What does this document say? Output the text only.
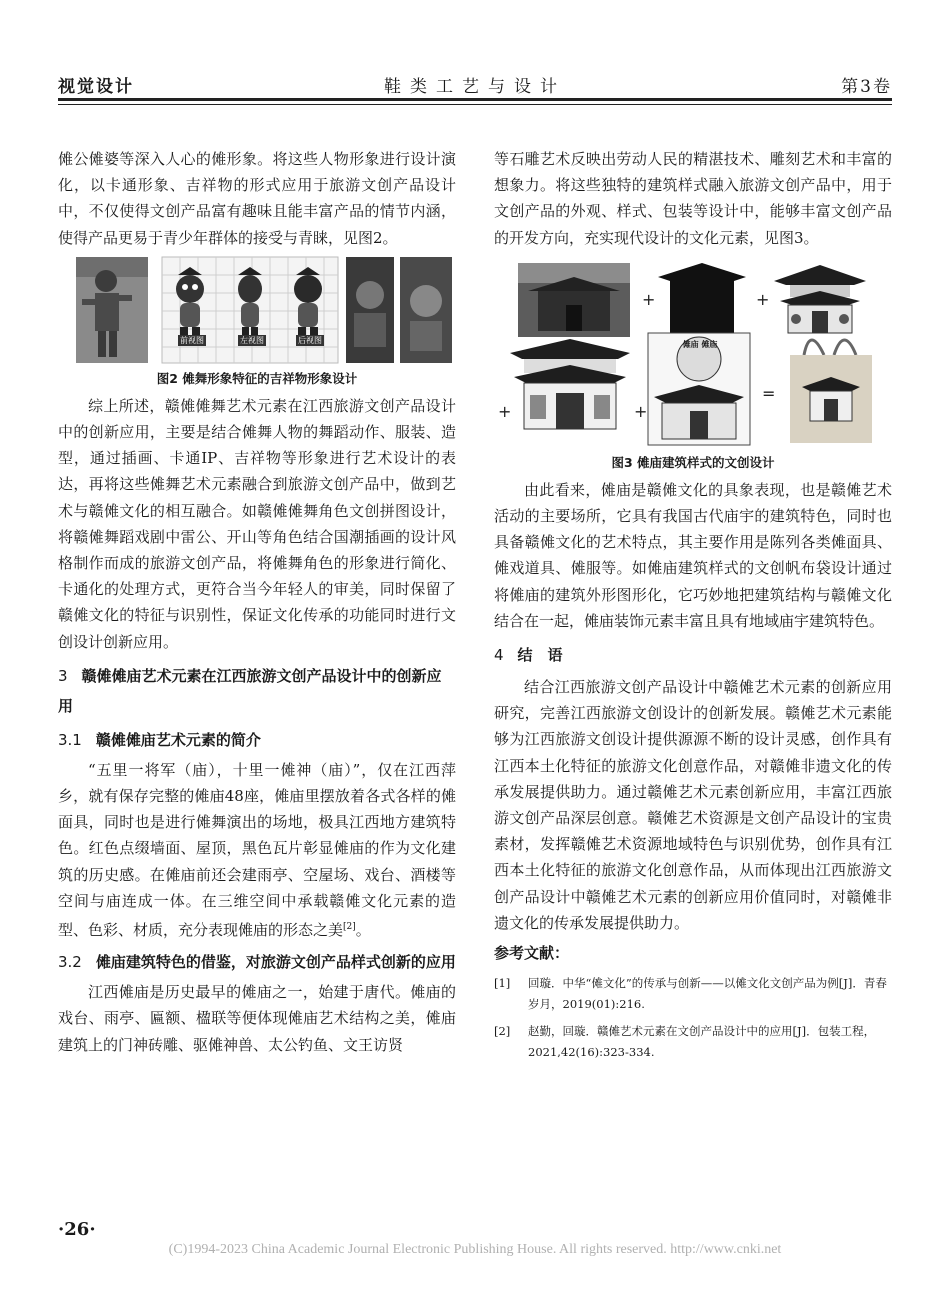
视觉设计	鞋类工艺与设计	第3卷

傩公傩婆等深入人心的傩形象。将这些人物形象进行设计演化，以卡通形象、吉祥物的形式应用于旅游文创产品设计中，不仅使得文创产品富有趣味且能丰富产品的情节内涵，使得产品更易于青少年群体的接受与青睐，见图2。

前视图	左视图	后视图
图2 傩舞形象特征的吉祥物形象设计

综上所述，赣傩傩舞艺术元素在江西旅游文创产品设计中的创新应用，主要是结合傩舞人物的舞蹈动作、服装、造型，通过插画、卡通IP、吉祥物等形象进行艺术设计的表达，再将这些傩舞艺术元素融合到旅游文创产品中，做到艺术与赣傩文化的相互融合。如赣傩傩舞角色文创拼图设计，将赣傩舞蹈戏剧中雷公、开山等角色结合国潮插画的设计风格制作而成的旅游文创产品，将傩舞角色的形象进行简化、卡通化的处理方式，更符合当今年轻人的审美，同时保留了赣傩文化的特征与识别性，保证文化传承的功能同时进行文创设计创新应用。

3 赣傩傩庙艺术元素在江西旅游文创产品设计中的创新应用
3.1 赣傩傩庙艺术元素的简介

“五里一将军（庙），十里一傩神（庙）”，仅在江西萍乡，就有保存完整的傩庙48座，傩庙里摆放着各式各样的傩面具，同时也是进行傩舞演出的场地，极具江西地方建筑特色。红色点缀墙面、屋顶，黑色瓦片彰显傩庙的作为文化建筑的历史感。在傩庙前还会建雨亭、空屋场、戏台、酒楼等空间与庙连成一体。在三维空间中承载赣傩文化元素的造型、色彩、材质，充分表现傩庙的形态之美[2]。

3.2 傩庙建筑特色的借鉴，对旅游文创产品样式创新的应用

江西傩庙是历史最早的傩庙之一，始建于唐代。傩庙的戏台、雨亭、匾额、楹联等便体现傩庙艺术结构之美，傩庙建筑上的门神砖雕、驱傩神兽、太公钓鱼、文王访贤

等石雕艺术反映出劳动人民的精湛技术、雕刻艺术和丰富的想象力。将这些独特的建筑样式融入旅游文创产品中，用于文创产品的外观、样式、包装等设计中，能够丰富文创产品的开发方向，充实现代设计的文化元素，见图3。

+	+
+	+
=
傩庙 傩庙
图3 傩庙建筑样式的文创设计

由此看来，傩庙是赣傩文化的具象表现，也是赣傩艺术活动的主要场所，它具有我国古代庙宇的建筑特色，同时也具备赣傩文化的艺术特点，其主要作用是陈列各类傩面具、傩戏道具、傩服等。如傩庙建筑样式的文创帆布袋设计通过将傩庙的建筑外形图形化，它巧妙地把建筑结构与赣傩文化结合在一起，傩庙装饰元素丰富且具有地域庙宇建筑特色。

4 结　语

结合江西旅游文创产品设计中赣傩艺术元素的创新应用研究，完善江西旅游文创设计的创新发展。赣傩艺术元素能够为江西旅游文创设计提供源源不断的设计灵感，创作具有江西本土化特征的旅游文化创意作品，对赣傩非遗文化的传承发展提供助力。通过赣傩艺术元素创新应用，丰富江西旅游文创产品深层创意。赣傩艺术资源是文创产品设计的宝贵素材，发挥赣傩艺术资源地域特色与识别优势，创作具有江西本土化特征的旅游文化创意作品，从而体现出江西旅游文创产品设计中赣傩艺术元素的创新应用价值同时，对赣傩非遗文化的传承发展提供助力。

参考文献：
[1]	回璇．中华“傩文化”的传承与创新——以傩文化文创产品为例[J]．青春岁月，2019(01):216.
[2]	赵勤，回璇．赣傩艺术元素在文创产品设计中的应用[J]．包装工程，2021,42(16):323-334.
·26·
(C)1994-2023 China Academic Journal Electronic Publishing House. All rights reserved. http://www.cnki.net
